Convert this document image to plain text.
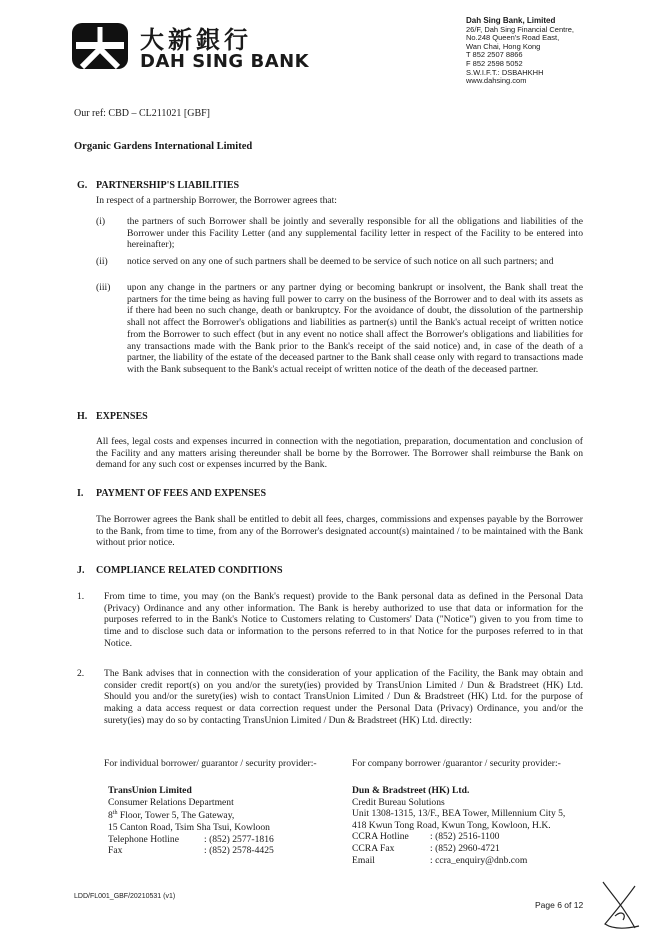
大新銀行
DAH SING BANK
Dah Sing Bank, Limited
26/F, Dah Sing Financial Centre,
No.248 Queen's Road East,
Wan Chai, Hong Kong
T 852 2507 8866
F 852 2598 5052
S.W.I.F.T.: DSBAHKHH
www.dahsing.com
Our ref: CBD – CL211021 [GBF]
Organic Gardens International Limited
G. PARTNERSHIP'S LIABILITIES
In respect of a partnership Borrower, the Borrower agrees that:
(i) the partners of such Borrower shall be jointly and severally responsible for all the obligations and liabilities of the Borrower under this Facility Letter (and any supplemental facility letter in respect of the Facility to be entered into hereinafter);
(ii) notice served on any one of such partners shall be deemed to be service of such notice on all such partners; and
(iii) upon any change in the partners or any partner dying or becoming bankrupt or insolvent, the Bank shall treat the partners for the time being as having full power to carry on the business of the Borrower and to deal with its assets as if there had been no such change, death or bankruptcy. For the avoidance of doubt, the dissolution of the partnership shall not affect the Borrower's obligations and liabilities as partner(s) until the Bank's actual receipt of written notice from the Borrower to such effect (but in any event no notice shall affect the Borrower's obligations and liabilities for any transactions made with the Bank prior to the Bank's receipt of the said notice) and, in case of the death of a partner, the liability of the estate of the deceased partner to the Bank shall cease only with regard to transactions made with the Bank subsequent to the Bank's actual receipt of written notice of the death of the deceased partner.
H. EXPENSES
All fees, legal costs and expenses incurred in connection with the negotiation, preparation, documentation and conclusion of the Facility and any matters arising thereunder shall be borne by the Borrower. The Borrower shall reimburse the Bank on demand for any such cost or expenses incurred by the Bank.
I. PAYMENT OF FEES AND EXPENSES
The Borrower agrees the Bank shall be entitled to debit all fees, charges, commissions and expenses payable by the Borrower to the Bank, from time to time, from any of the Borrower's designated account(s) maintained / to be maintained with the Bank without prior notice.
J. COMPLIANCE RELATED CONDITIONS
1. From time to time, you may (on the Bank's request) provide to the Bank personal data as defined in the Personal Data (Privacy) Ordinance and any other information. The Bank is hereby authorized to use that data or information for the purposes referred to in the Bank's Notice to Customers relating to Customers' Data ("Notice") given to you from time to time and to disclose such data or information to the persons referred to in that Notice for the purposes referred to in that Notice.
2. The Bank advises that in connection with the consideration of your application of the Facility, the Bank may obtain and consider credit report(s) on you and/or the surety(ies) provided by TransUnion Limited / Dun & Bradstreet (HK) Ltd. Should you and/or the surety(ies) wish to contact TransUnion Limited / Dun & Bradstreet (HK) Ltd. for the purpose of making a data access request or data correction request under the Personal Data (Privacy) Ordinance, you and/or the surety(ies) may do so by contacting TransUnion Limited / Dun & Bradstreet (HK) Ltd. directly:
For individual borrower/ guarantor / security provider:-	For company borrower /guarantor / security provider:-
TransUnion Limited
Consumer Relations Department
8th Floor, Tower 5, The Gateway,
15 Canton Road, Tsim Sha Tsui, Kowloon
Telephone Hotline	: (852) 2577-1816
Fax	: (852) 2578-4425
Dun & Bradstreet (HK) Ltd.
Credit Bureau Solutions
Unit 1308-1315, 13/F., BEA Tower, Millennium City 5,
418 Kwun Tong Road, Kwun Tong, Kowloon, H.K.
CCRA Hotline	: (852) 2516-1100
CCRA Fax	: (852) 2960-4721
Email	: ccra_enquiry@dnb.com
LDD/FL001_GBF/20210531 (v1)
Page 6 of 12
